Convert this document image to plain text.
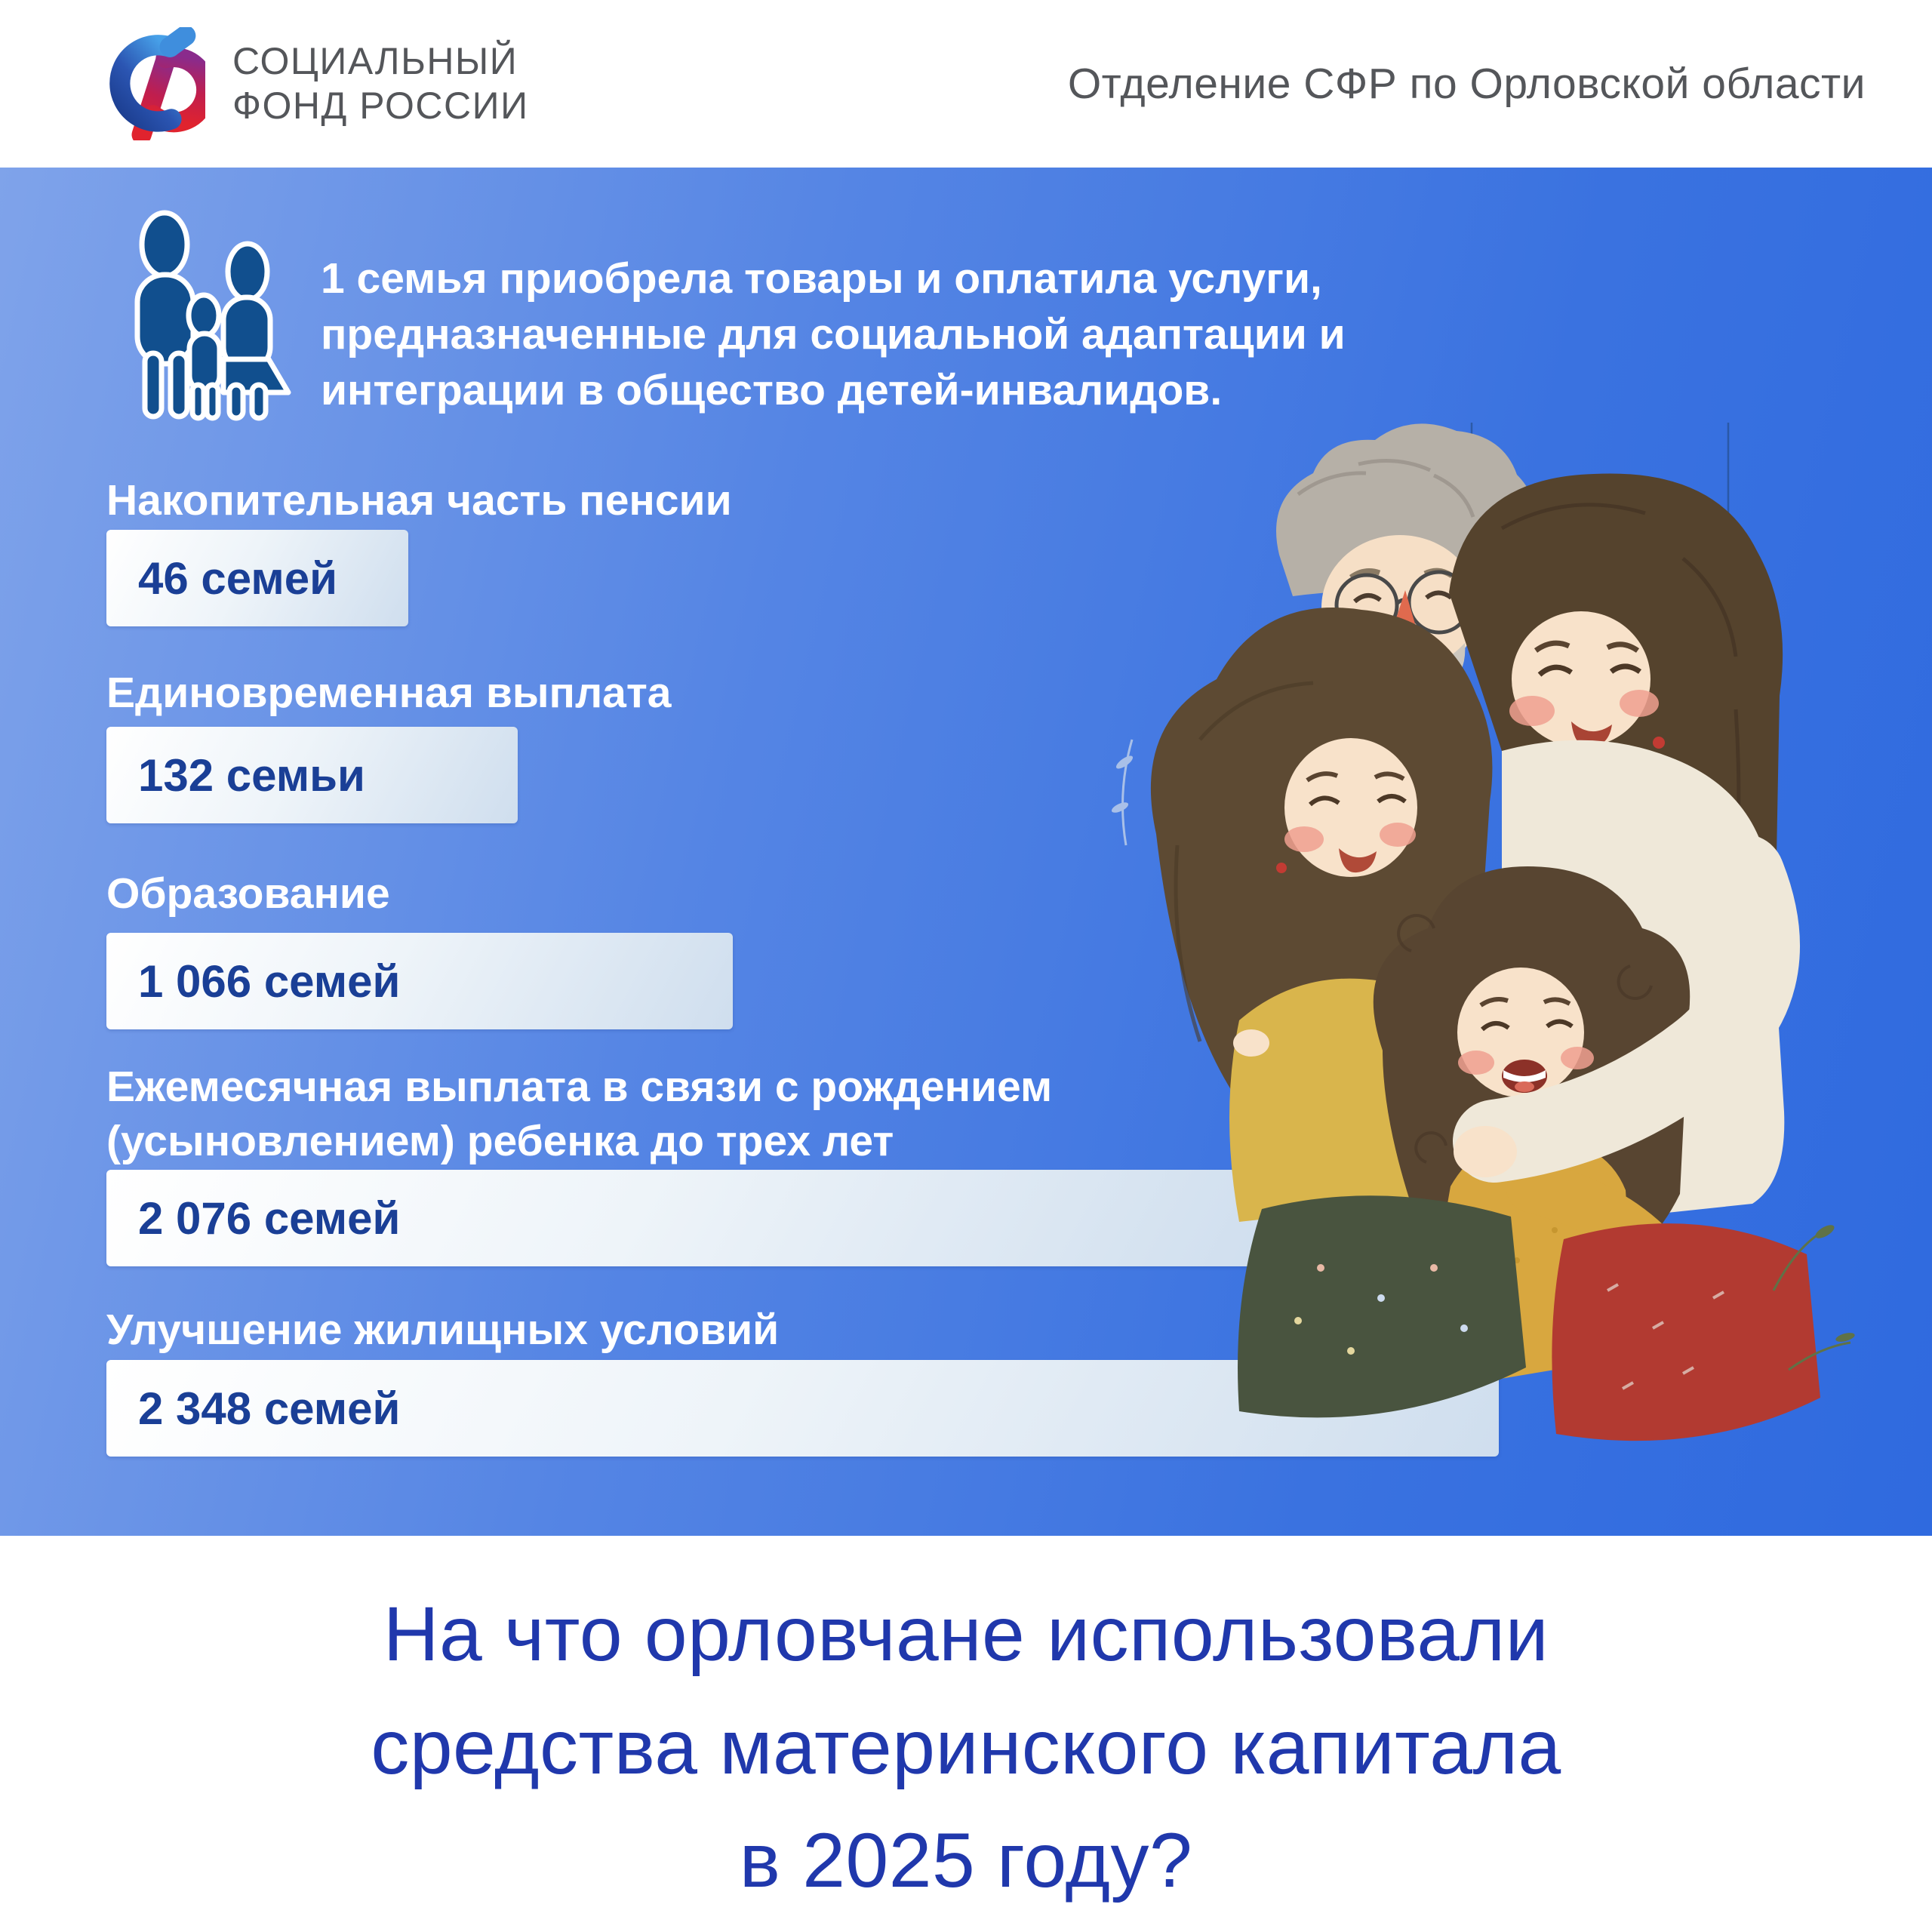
СОЦИАЛЬНЫЙ
ФОНД РОССИИ	Отделение СФР по Орловской области
1 семья приобрела товары и оплатила услуги,
предназначенные для социальной адаптации и
интеграции в общество детей-инвалидов.
Накопительная часть пенсии
46 семей
Единовременная выплата
132 семьи
Образование
1 066 семей
Ежемесячная выплата в связи с рождением (усыновлением) ребенка до трех лет
2 076 семей
Улучшение жилищных условий
2 348 семей
На что орловчане использовали
средства материнского капитала
в 2025 году?
